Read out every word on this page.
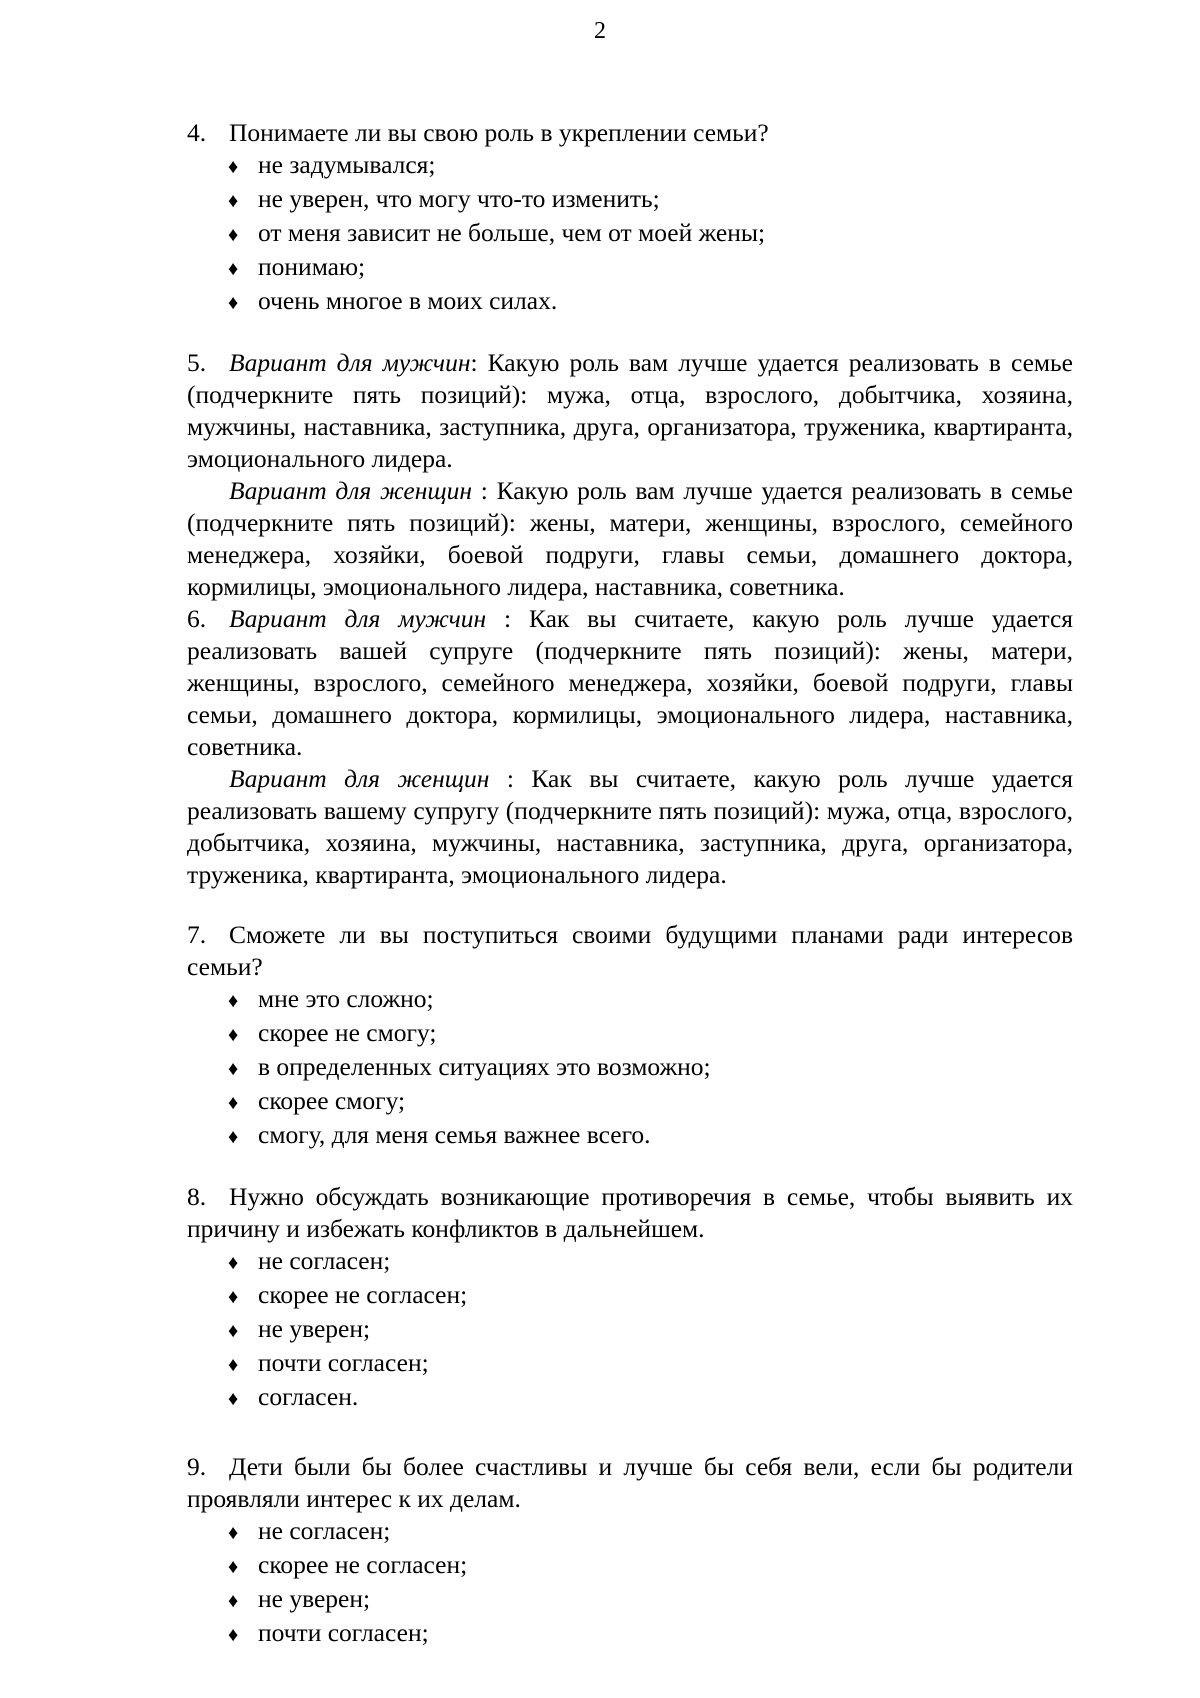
2

4. Понимаете ли вы свою роль в укреплении семьи?

♦ не задумывался;
♦ не уверен, что могу что-то изменить;
♦ от меня зависит не больше, чем от моей жены;
♦ понимаю;
♦ очень многое в моих силах.

5. Вариант для мужчин: Какую роль вам лучше удается реализовать в семье (подчеркните пять позиций): мужа, отца, взрослого, добытчика, хозяина, мужчины, наставника, заступника, друга, организатора, труженика, квартиранта, эмоционального лидера.

Вариант для женщин : Какую роль вам лучше удается реализовать в семье (подчеркните пять позиций): жены, матери, женщины, взрослого, семейного менеджера, хозяйки, боевой подруги, главы семьи, домашнего доктора, кормилицы, эмоционального лидера, наставника, советника.

6. Вариант для мужчин : Как вы считаете, какую роль лучше удается реализовать вашей супруге (подчеркните пять позиций): жены, матери, женщины, взрослого, семейного менеджера, хозяйки, боевой подруги, главы семьи, домашнего доктора, кормилицы, эмоционального лидера, наставника, советника.

Вариант для женщин : Как вы считаете, какую роль лучше удается реализовать вашему супругу (подчеркните пять позиций): мужа, отца, взрослого, добытчика, хозяина, мужчины, наставника, заступника, друга, организатора, труженика, квартиранта, эмоционального лидера.

7. Сможете ли вы поступиться своими будущими планами ради интересов семьи?

♦ мне это сложно;
♦ скорее не смогу;
♦ в определенных ситуациях это возможно;
♦ скорее смогу;
♦ смогу, для меня семья важнее всего.

8. Нужно обсуждать возникающие противоречия в семье, чтобы выявить их причину и избежать конфликтов в дальнейшем.

♦ не согласен;
♦ скорее не согласен;
♦ не уверен;
♦ почти согласен;
♦ согласен.

9. Дети были бы более счастливы и лучше бы себя вели, если бы родители проявляли интерес к их делам.

♦ не согласен;
♦ скорее не согласен;
♦ не уверен;
♦ почти согласен;
